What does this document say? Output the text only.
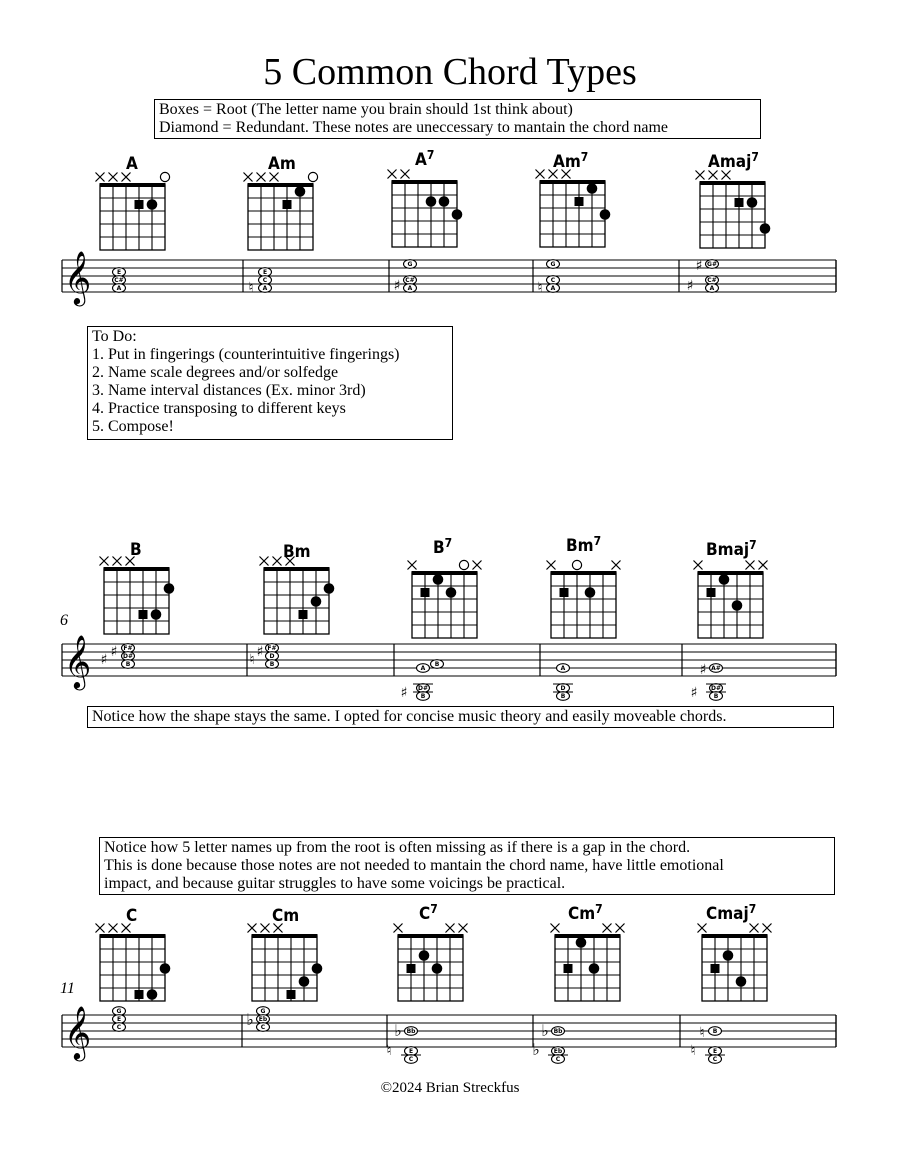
5 Common Chord Types
Boxes = Root (The letter name you brain should 1st think about)
Diamond = Redundant. These notes are uneccessary to mantain the chord name
To Do:
1. Put in fingerings (counterintuitive fingerings)
2. Name scale degrees and/or solfedge
3. Name interval distances (Ex. minor 3rd)
4. Practice transposing to different keys
5. Compose!
Notice how the shape stays the same. I opted for concise music theory and easily moveable chords.
Notice how 5 letter names up from the root is often missing as if there is a gap in the chord.
This is done because those notes are not needed to mantain the chord name, have little emotional
impact, and because guitar struggles to have some voicings be practical.
A	Am	$A^7$	Am$^7$	Amaj$^7$
B	Bm	$B^7$	Bm$^7$	Bmaj$^7$
C	Cm	$C^7$	Cm$^7$	Cmaj$^7$
6
11
©2024 Brian Streckfus
𝄞	E
C#
A
E
C
A
♮
G
C#
A
♯
G
C
A
♮
G#
C#
A
♯
♯
𝄞	F#
D#
B
♯
♯
F#
D
B
♯
♮
A
B
D#
B
♯
A
D
B
A#
D#
B
♯
♯
𝄞	G
E
C
G
Eb
C
♭
Bb
E
C
♭
♮
Bb
Eb
C
♭
♭
B
E
C
♮
♮
